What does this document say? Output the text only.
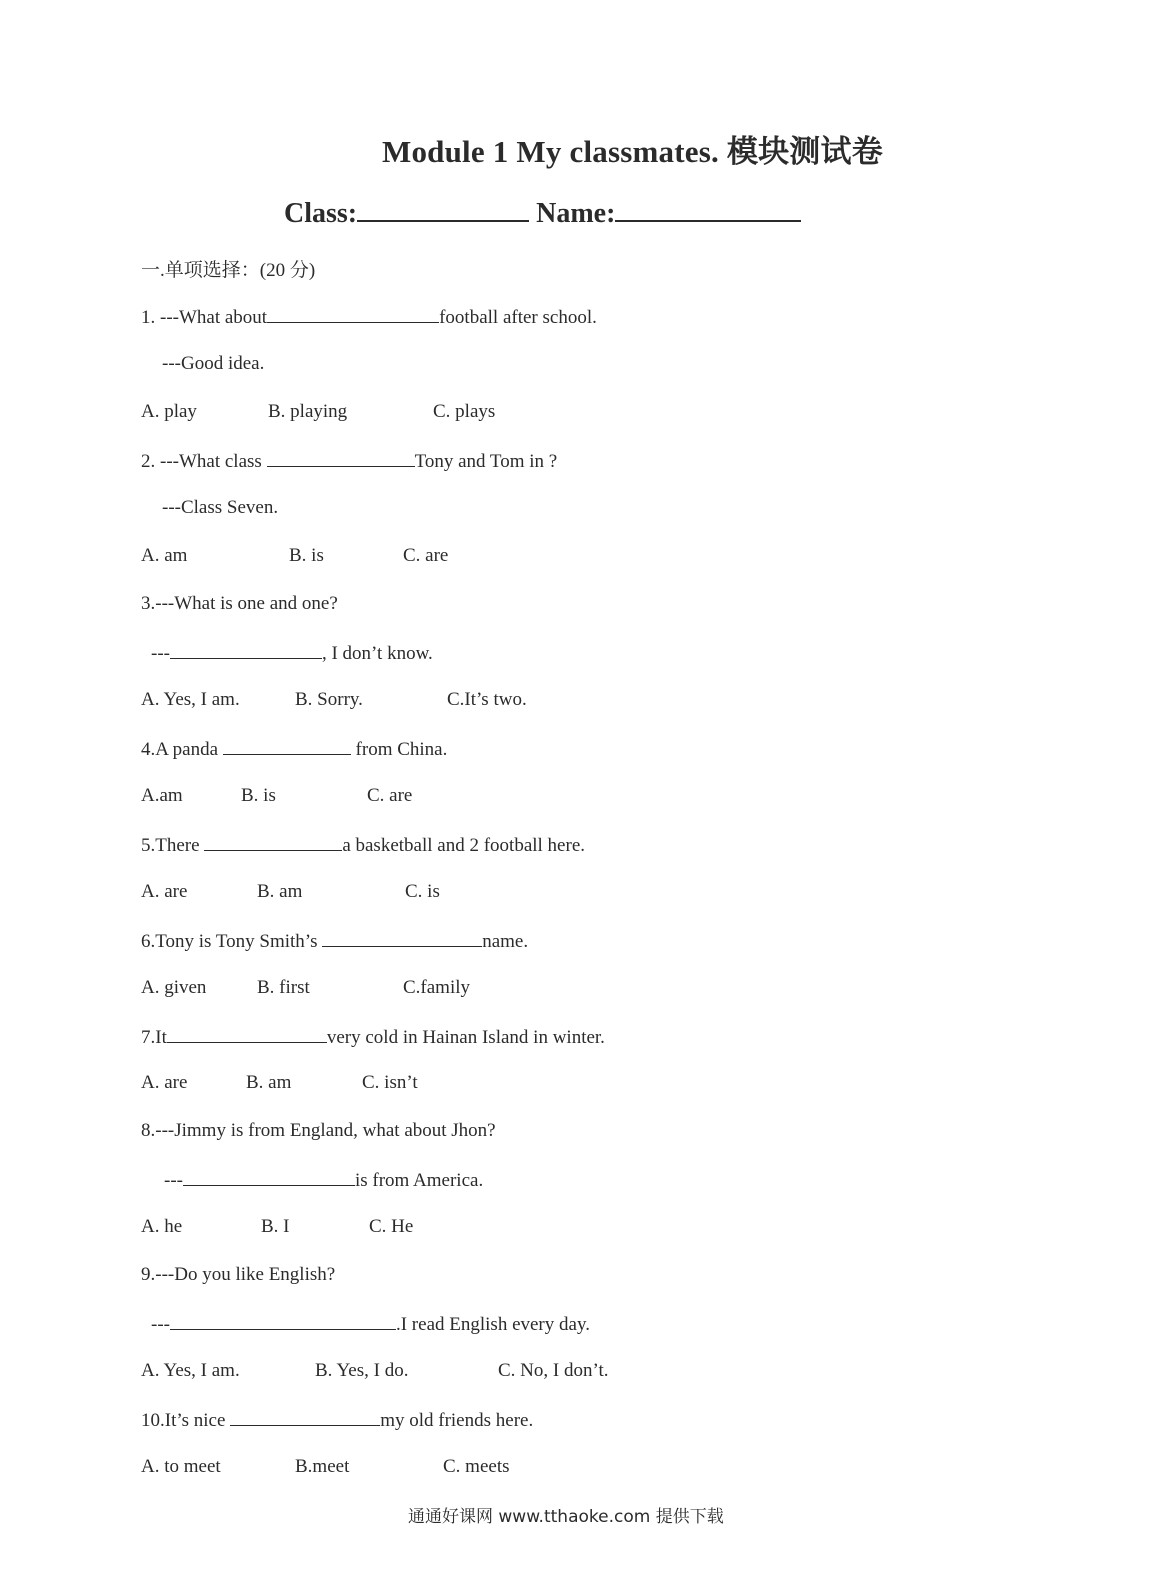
Module 1 My classmates. 模块测试卷
Class:	Name:
一.单项选择：(20 分)
1. ---What about	football after school.
---Good idea.
A. play	B. playing	C. plays
2. ---What class	Tony and Tom in ?
---Class Seven.
A. am	B. is	C. are
3.---What is one and one?
---	, I don’t know.
A. Yes, I am.	B. Sorry.	C.It’s two.
4.A panda	from China.
A.am	B. is	C. are
5.There	a basketball and 2 football here.
A. are	B. am	C. is
6.Tony is Tony Smith’s	name.
A. given	B. first	C.family
7.It	very cold in Hainan Island in winter.
A. are	B. am	C. isn’t
8.---Jimmy is from England, what about Jhon?
---	is from America.
A. he	B. I	C. He
9.---Do you like English?
---	.I read English every day.
A. Yes, I am.	B. Yes, I do.	C. No, I don’t.
10.It’s nice	my old friends here.
A. to meet	B.meet	C. meets
通通好课网 www.tthaoke.com 提供下载
